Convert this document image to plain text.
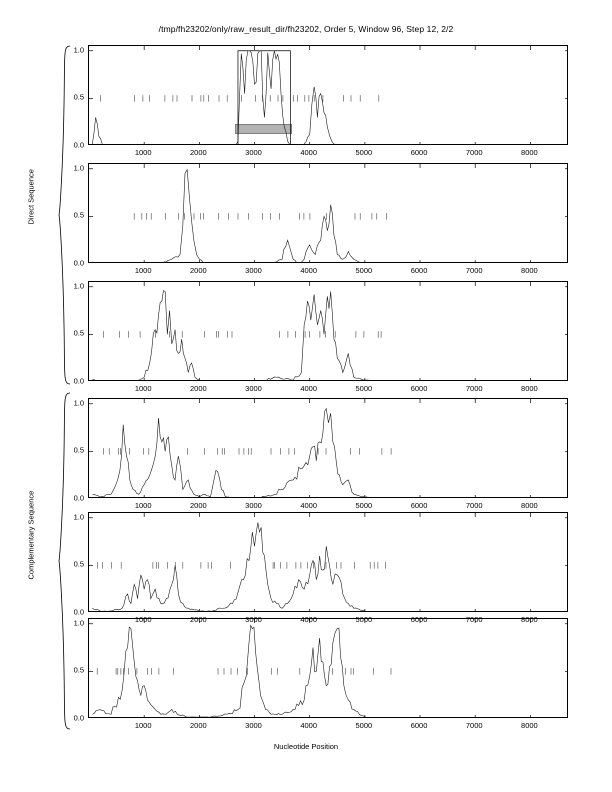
/tmp/fh23202/only/raw_result_dir/fh23202, Order 5, Window 96, Step 12, 2/2
Direct Sequence
Complementary Sequence
Nucleotide Position
0.0
0.5
1.0
1000	2000	3000	4000	5000	6000	7000	8000
0.0
0.5
1.0
1000	2000	3000	4000	5000	6000	7000	8000
0.0
0.5
1.0
1000	2000	3000	4000	5000	6000	7000	8000
0.0
0.5
1.0
1000	2000	3000	4000	5000	6000	7000	8000
0.0
0.5
1.0
1000	2000	3000	4000	5000	6000	7000	8000
0.0
0.5
1.0
1000	2000	3000	4000	5000	6000	7000	8000
